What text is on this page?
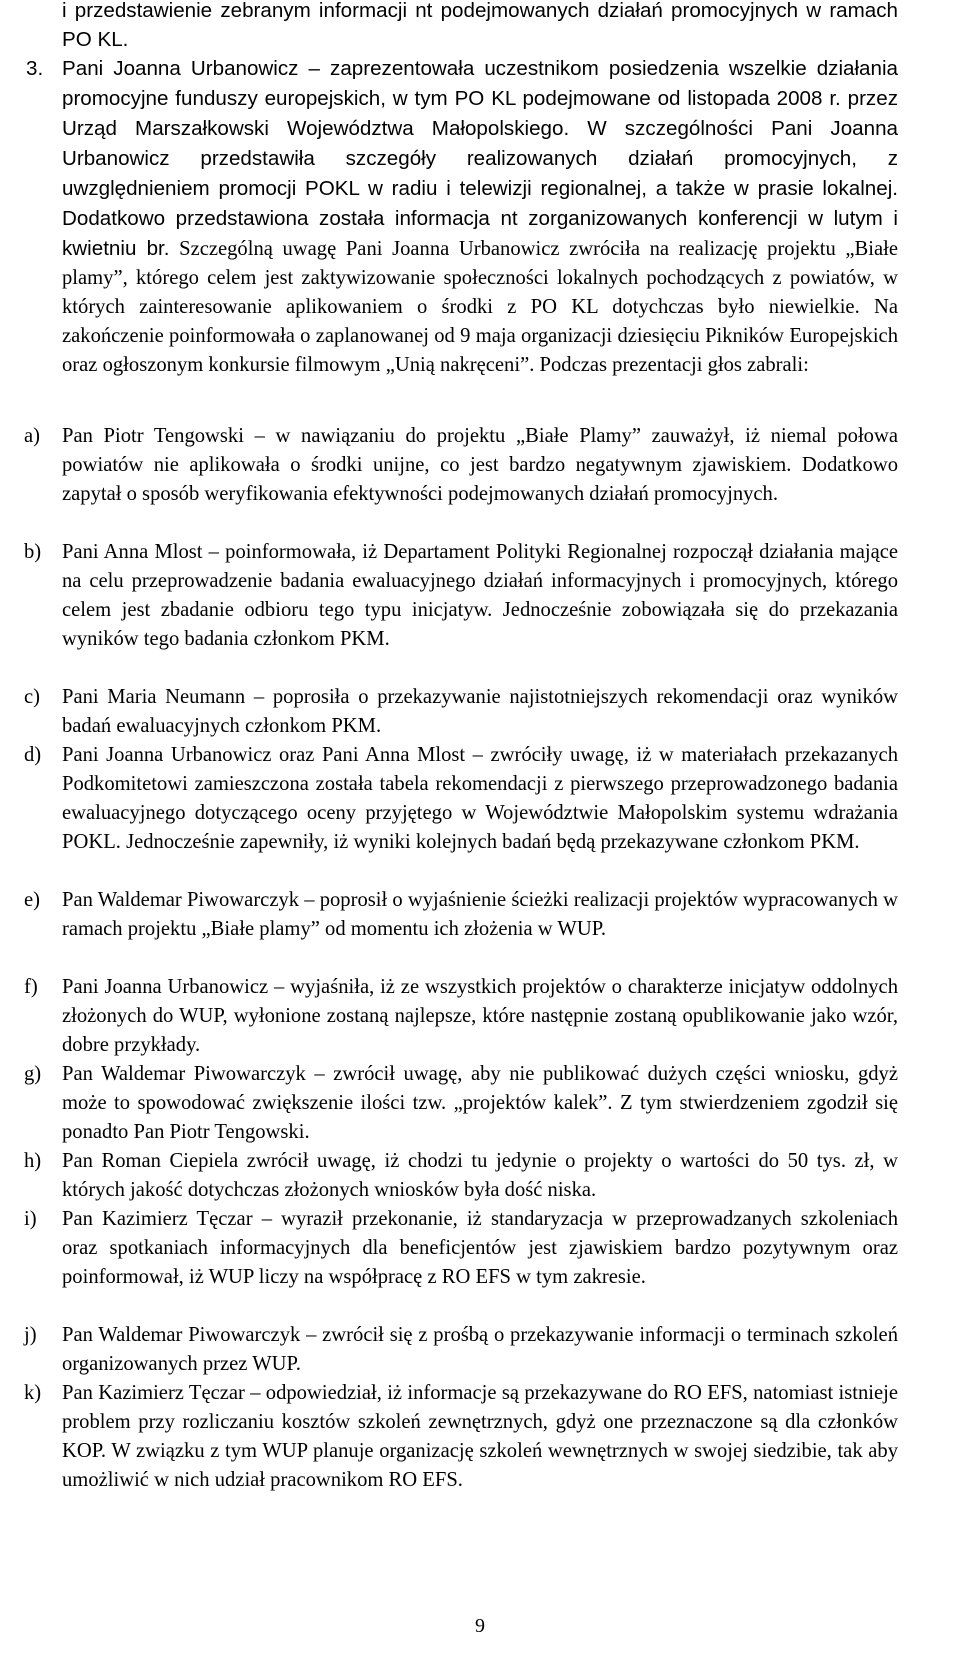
i przedstawienie zebranym informacji nt podejmowanych działań promocyjnych w ramach PO KL.

3. Pani Joanna Urbanowicz – zaprezentowała uczestnikom posiedzenia wszelkie działania promocyjne funduszy europejskich, w tym PO KL podejmowane od listopada 2008 r. przez Urząd Marszałkowski Województwa Małopolskiego. W szczególności Pani Joanna Urbanowicz przedstawiła szczegóły realizowanych działań promocyjnych, z uwzględnieniem promocji POKL w radiu i telewizji regionalnej, a także w prasie lokalnej. Dodatkowo przedstawiona została informacja nt zorganizowanych konferencji w lutym i kwietniu br. Szczególną uwagę Pani Joanna Urbanowicz zwróciła na realizację projektu „Białe plamy”, którego celem jest zaktywizowanie społeczności lokalnych pochodzących z powiatów, w których zainteresowanie aplikowaniem o środki z PO KL dotychczas było niewielkie. Na zakończenie poinformowała o zaplanowanej od 9 maja organizacji dziesięciu Pikników Europejskich oraz ogłoszonym konkursie filmowym „Unią nakręceni”. Podczas prezentacji głos zabrali:

a)	Pan Piotr Tengowski – w nawiązaniu do projektu „Białe Plamy” zauważył, iż niemal połowa powiatów nie aplikowała o środki unijne, co jest bardzo negatywnym zjawiskiem. Dodatkowo zapytał o sposób weryfikowania efektywności podejmowanych działań promocyjnych.

b)	Pani Anna Mlost – poinformowała, iż Departament Polityki Regionalnej rozpoczął działania mające na celu przeprowadzenie badania ewaluacyjnego działań informacyjnych i promocyjnych, którego celem jest zbadanie odbioru tego typu inicjatyw. Jednocześnie zobowiązała się do przekazania wyników tego badania członkom PKM.

c)	Pani Maria Neumann – poprosiła o przekazywanie najistotniejszych rekomendacji oraz wyników badań ewaluacyjnych członkom PKM.

d)	Pani Joanna Urbanowicz oraz Pani Anna Mlost – zwróciły uwagę, iż w materiałach przekazanych Podkomitetowi zamieszczona została tabela rekomendacji z pierwszego przeprowadzonego badania ewaluacyjnego dotyczącego oceny przyjętego w Województwie Małopolskim systemu wdrażania POKL. Jednocześnie zapewniły, iż wyniki kolejnych badań będą przekazywane członkom PKM.

e)	Pan Waldemar Piwowarczyk – poprosił o wyjaśnienie ścieżki realizacji projektów wypracowanych w ramach projektu „Białe plamy” od momentu ich złożenia w WUP.

f)	Pani Joanna Urbanowicz – wyjaśniła, iż ze wszystkich projektów o charakterze inicjatyw oddolnych złożonych do WUP, wyłonione zostaną najlepsze, które następnie zostaną opublikowanie jako wzór, dobre przykłady.

g)	Pan Waldemar Piwowarczyk – zwrócił uwagę, aby nie publikować dużych części wniosku, gdyż może to spowodować zwiększenie ilości tzw. „projektów kalek”. Z tym stwierdzeniem zgodził się ponadto Pan Piotr Tengowski.

h)	Pan Roman Ciepiela zwrócił uwagę, iż chodzi tu jedynie o projekty o wartości do 50 tys. zł, w których jakość dotychczas złożonych wniosków była dość niska.

i)	Pan Kazimierz Tęczar – wyraził przekonanie, iż standaryzacja w przeprowadzanych szkoleniach oraz spotkaniach informacyjnych dla beneficjentów jest zjawiskiem bardzo pozytywnym oraz poinformował, iż WUP liczy na współpracę z RO EFS w tym zakresie.

j)	Pan Waldemar Piwowarczyk – zwrócił się z prośbą o przekazywanie informacji o terminach szkoleń organizowanych przez WUP.

k)	Pan Kazimierz Tęczar – odpowiedział, iż informacje są przekazywane do RO EFS, natomiast istnieje problem przy rozliczaniu kosztów szkoleń zewnętrznych, gdyż one przeznaczone są dla członków KOP. W związku z tym WUP planuje organizację szkoleń wewnętrznych w swojej siedzibie, tak aby umożliwić w nich udział pracownikom RO EFS.

9
